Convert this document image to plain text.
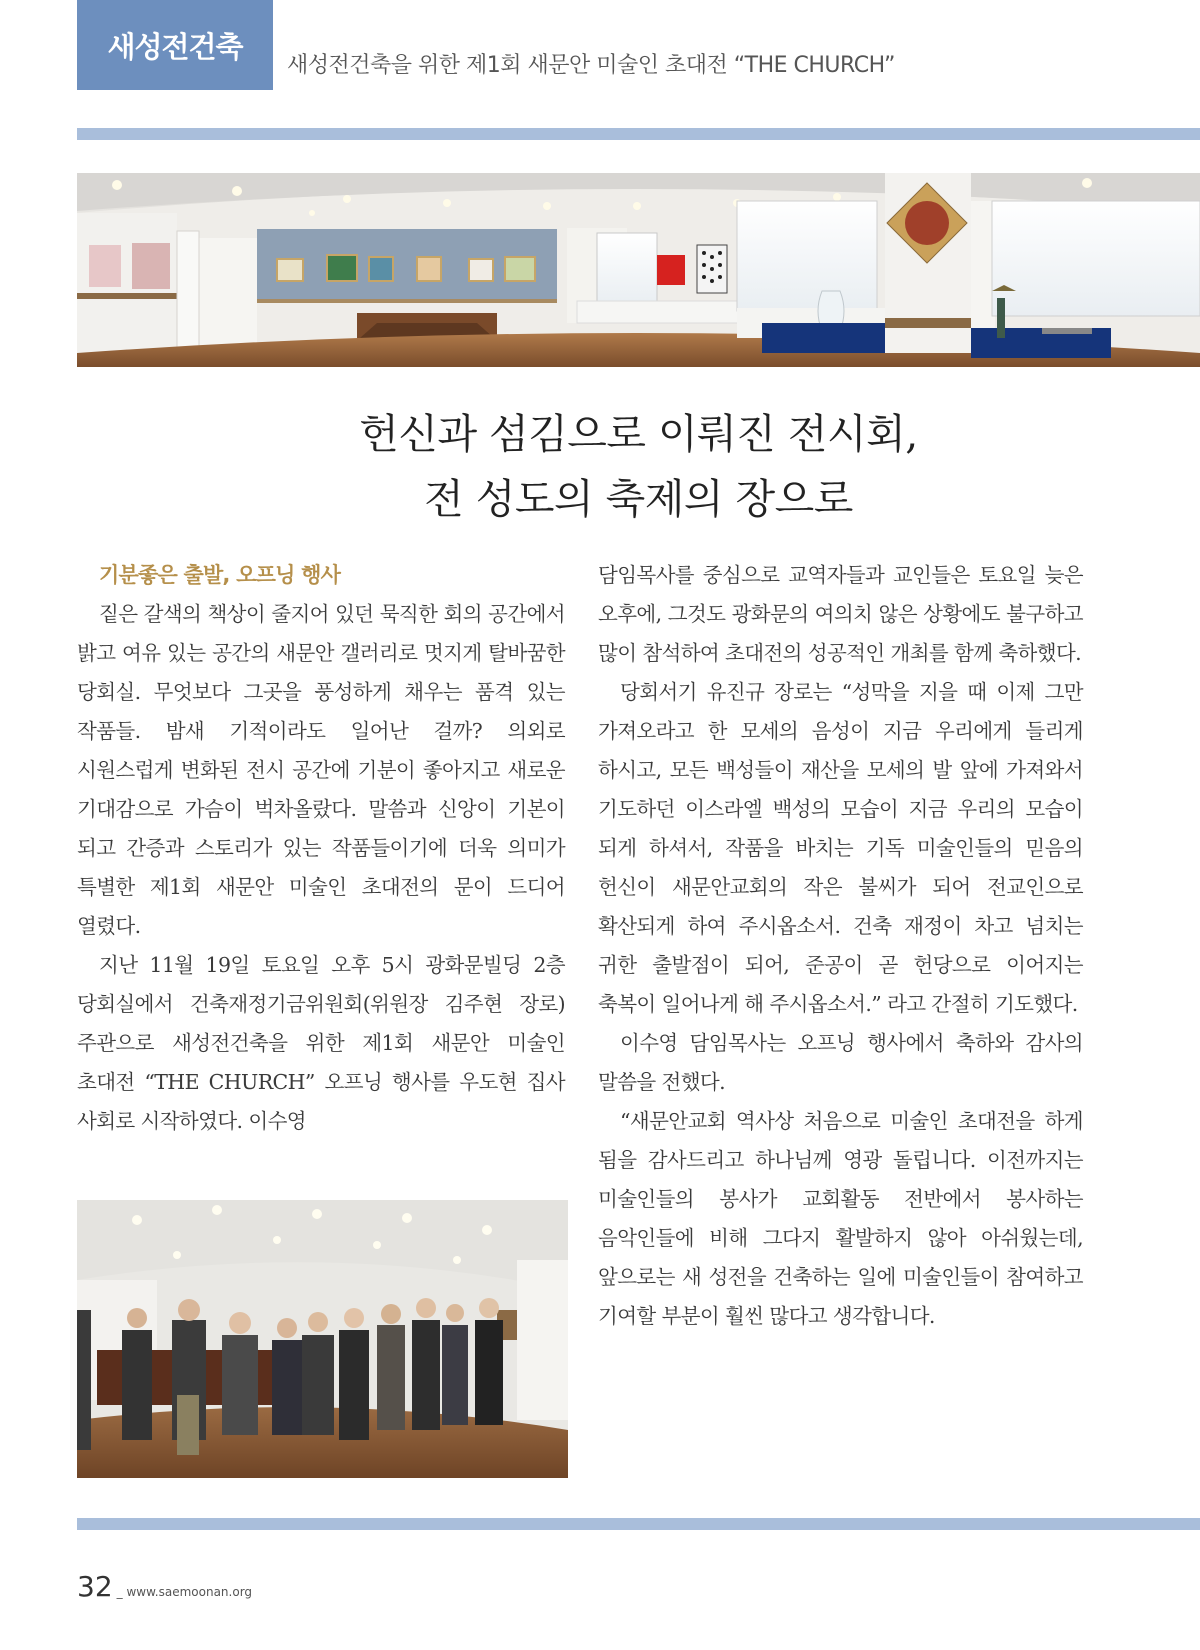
새성전건축
새성전건축을 위한 제1회 새문안 미술인 초대전 “THE CHURCH”
헌신과 섬김으로 이뤄진 전시회,
전 성도의 축제의 장으로
기분좋은 출발, 오프닝 행사

짙은 갈색의 책상이 줄지어 있던 묵직한 회의 공간에서 밝고 여유 있는 공간의 새문안 갤러리로 멋지게 탈바꿈한 당회실. 무엇보다 그곳을 풍성하게 채우는 품격 있는 작품들. 밤새 기적이라도 일어난 걸까? 의외로 시원스럽게 변화된 전시 공간에 기분이 좋아지고 새로운 기대감으로 가슴이 벅차올랐다. 말씀과 신앙이 기본이 되고 간증과 스토리가 있는 작품들이기에 더욱 의미가 특별한 제1회 새문안 미술인 초대전의 문이 드디어 열렸다.

지난 11월 19일 토요일 오후 5시 광화문빌딩 2층 당회실에서 건축재정기금위원회(위원장 김주현 장로)주관으로 새성전건축을 위한 제1회 새문안 미술인 초대전 “THE CHURCH” 오프닝 행사를 우도현 집사 사회로 시작하였다. 이수영

담임목사를 중심으로 교역자들과 교인들은 토요일 늦은 오후에, 그것도 광화문의 여의치 않은 상황에도 불구하고 많이 참석하여 초대전의 성공적인 개최를 함께 축하했다.

당회서기 유진규 장로는 “성막을 지을 때 이제 그만 가져오라고 한 모세의 음성이 지금 우리에게 들리게 하시고, 모든 백성들이 재산을 모세의 발 앞에 가져와서 기도하던 이스라엘 백성의 모습이 지금 우리의 모습이 되게 하셔서, 작품을 바치는 기독 미술인들의 믿음의 헌신이 새문안교회의 작은 불씨가 되어 전교인으로 확산되게 하여 주시옵소서. 건축 재정이 차고 넘치는 귀한 출발점이 되어, 준공이 곧 헌당으로 이어지는 축복이 일어나게 해 주시옵소서.” 라고 간절히 기도했다.

이수영 담임목사는 오프닝 행사에서 축하와 감사의 말씀을 전했다.

“새문안교회 역사상 처음으로 미술인 초대전을 하게 됨을 감사드리고 하나님께 영광 돌립니다. 이전까지는 미술인들의 봉사가 교회활동 전반에서 봉사하는 음악인들에 비해 그다지 활발하지 않아 아쉬웠는데, 앞으로는 새 성전을 건축하는 일에 미술인들이 참여하고 기여할 부분이 훨씬 많다고 생각합니다.

32 _ www.saemoonan.org
